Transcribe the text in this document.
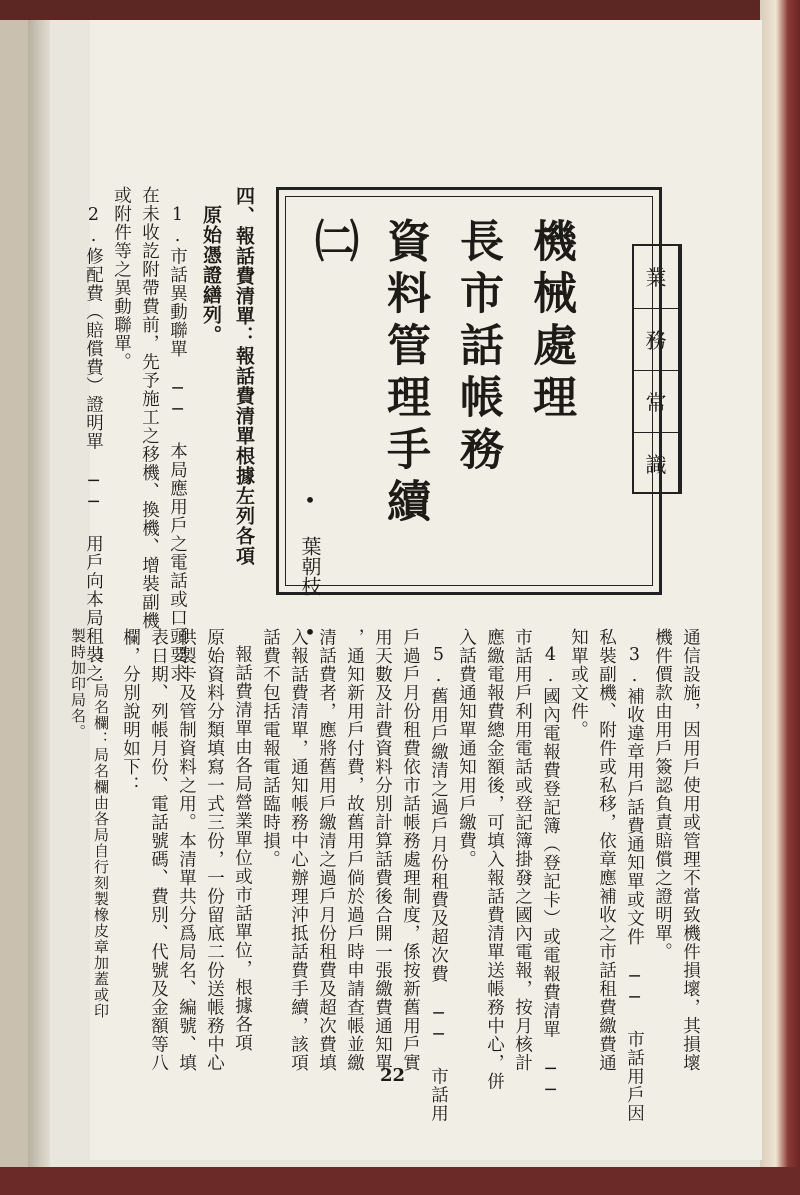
業
務
常
識
機械處理
長市話帳務
資料管理手續
㈡
• 葉朝枝 •
四、報話費清單：報話費清單根據左列各項
原始憑證繕列。
1.市話異動聯單 ── 本局應用戶之電話或口頭要求
在未收訖附帶費前，先予施工之移機、換機、增裝副機
或附件等之異動聯單。
2.修配費（賠償費）證明單 ── 用戶向本局租裝之
通信設施，因用戶使用或管理不當致機件損壞，其損壞
機件價款由用戶簽認負責賠償之證明單。
3.補收違章用戶話費通知單或文件 ── 市話用戶因
私裝副機、附件或私移，依章應補收之市話租費繳費通
知單或文件。
4.國內電報費登記簿（登記卡）或電報費清單 ──
市話用戶利用電話或登記簿掛發之國內電報，按月核計
應繳電報費總金額後，可填入報話費清單送帳務中心，併
入話費通知單通知用戶繳費。
5.舊用戶繳清之過戶月份租費及超次費 ── 市話用
戶過戶月份租費依市話帳務處理制度，係按新舊用戶實
用天數及計費資料分別計算話費後合開一張繳費通知單
，通知新用戶付費，故舊用戶倘於過戶時申請查帳並繳
清話費者，應將舊用戶繳清之過戶月份租費及超次費填
入報話費清單，通知帳務中心辦理沖抵話費手續，該項
話費不包括電報電話臨時損。
報話費清單由各局營業單位或市話單位，根據各項
原始資料分類填寫一式三份，一份留底二份送帳務中心
供製卡及管制資料之用。本清單共分爲局名、編號、填
表日期、列帳月份、電話號碼、費別、代號及金額等八
欄，分別說明如下：
1.局名欄：局名欄由各局自行刻製橡皮章加蓋或印
製時加印局名。
22
